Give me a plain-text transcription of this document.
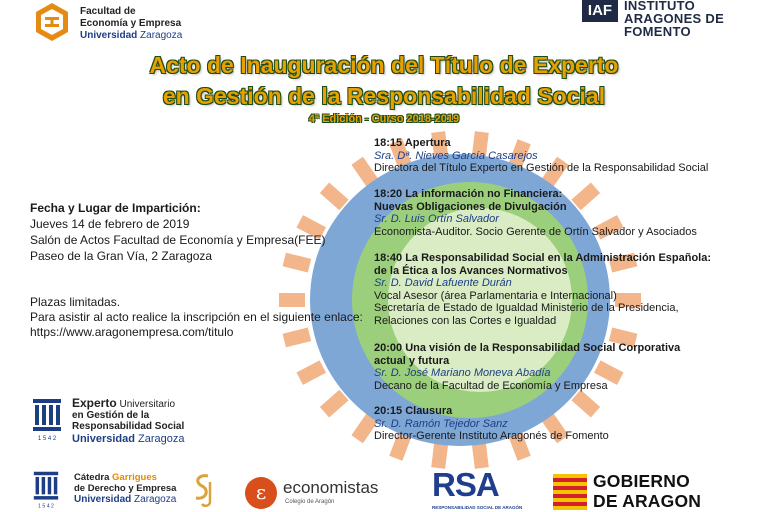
Facultad de
Economía y Empresa
Universidad Zaragoza
IAF INSTITUTO
ARAGONES DE
FOMENTO
Acto de Inauguración del Título de Experto
en Gestión de la Responsabilidad Social
4ª Edición - Curso 2018-2019
Fecha y Lugar de Impartición:
Jueves 14 de febrero de 2019
Salón de Actos Facultad de Economía y Empresa(FEE)
Paseo de la Gran Vía, 2 Zaragoza
Plazas limitadas.
Para asistir al acto realice la inscripción en el siguiente enlace:
https://www.aragonempresa.com/titulo
1 5 4 2
Experto Universitario
en Gestión de la
Responsabilidad Social
Universidad Zaragoza
18:15 Apertura
Sra. Dª. Nieves García Casarejos
Directora del Título Experto en Gestión de la Responsabilidad Social
18:20 La información no Financiera:
Nuevas Obligaciones de Divulgación
Sr. D. Luis Ortín Salvador
Economista-Auditor. Socio Gerente de Ortín Salvador y Asociados
18:40 La Responsabilidad Social en la Administración Española:
de la Ética a los Avances Normativos
Sr. D. David Lafuente Durán
Vocal Asesor (área Parlamentaria e Internacional)
Secretaría de Estado de Igualdad Ministerio de la Presidencia,
Relaciones con las Cortes e Igualdad
20:00 Una visión de la Responsabilidad Social Corporativa
actual y futura
Sr. D. José Mariano Moneva Abadía
Decano de la Facultad de Economía y Empresa
20:15 Clausura
Sr. D. Ramón Tejedor Sanz
Director-Gerente Instituto Aragonés de Fomento
1 5 4 2
Cátedra Garrigues
de Derecho y Empresa
Universidad Zaragoza	ɛ economistas
Colegio de Aragón	RSA
RESPONSABILIDAD SOCIAL DE ARAGÓN
GOBIERNO
DE ARAGON
